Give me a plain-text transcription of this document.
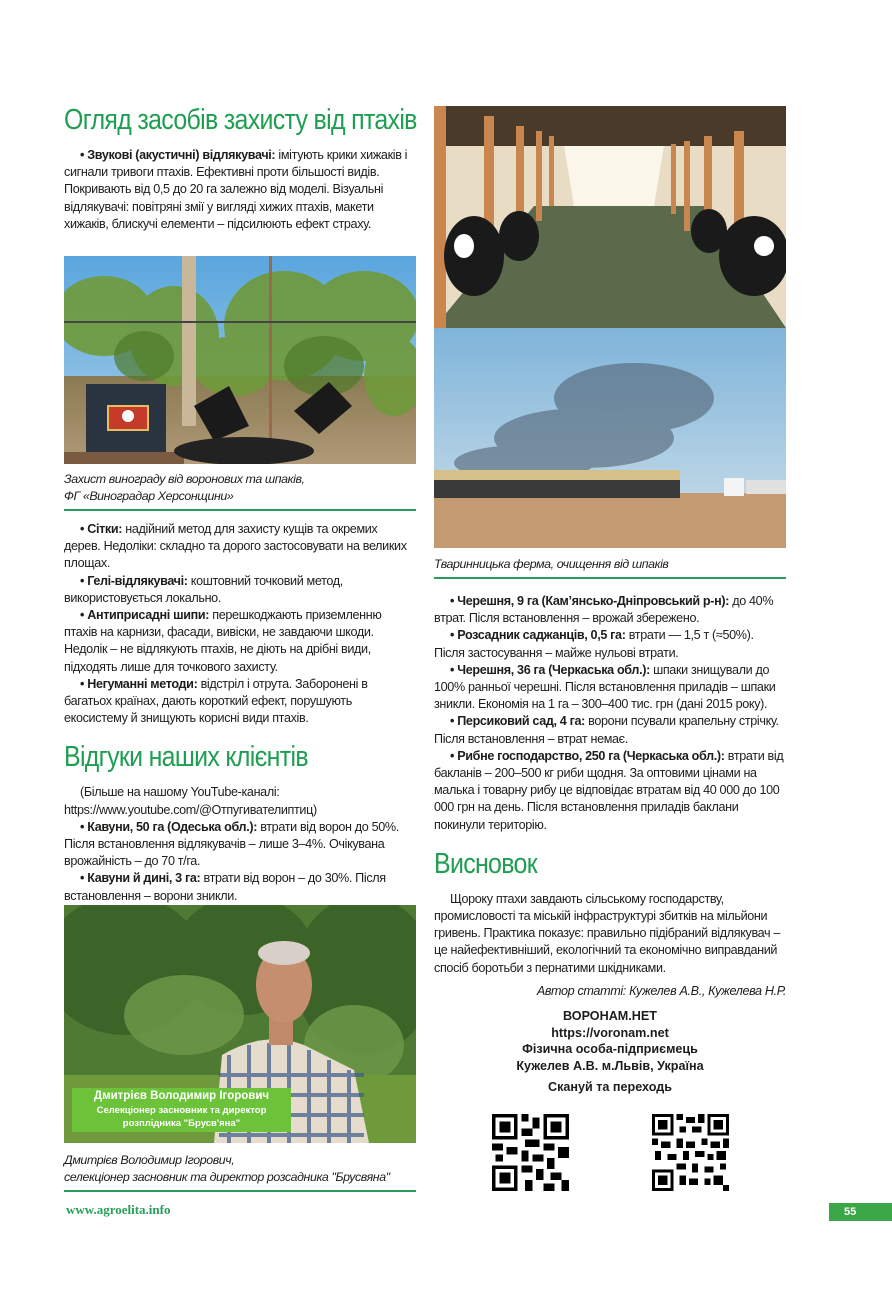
Огляд засобів захисту від птахів

• Звукові (акустичні) відлякувачі: імітують крики хижаків і сигнали тривоги птахів. Ефективні проти більшості видів. Покривають від 0,5 до 20 га залежно від моделі. Візуальні відлякувачі: повітряні змії у вигляді хижих птахів, макети хижаків, блискучі елементи – підсилюють ефект страху.

Захист винограду від воронових та шпаків,
ФГ «Виноградар Херсонщини»

• Сітки: надійний метод для захисту кущів та окремих дерев. Недоліки: складно та дорого застосовувати на великих площах.

• Гелі-відлякувачі: коштовний точковий метод, використовується локально.

• Антиприсадні шипи: перешкоджають приземленню птахів на карнизи, фасади, вивіски, не завдаючи шкоди. Недолік – не відлякують птахів, не діють на дрібні види, підходять лише для точкового захисту.

• Негуманні методи: відстріл і отрута. Заборонені в багатьох країнах, дають короткий ефект, порушують екосистему й знищують корисні види птахів.

Відгуки наших клієнтів

(Більше на нашому YouTube-каналі: https://www.youtube.com/@Отпугивателиптиц)

• Кавуни, 50 га (Одеська обл.): втрати від ворон до 50%. Після встановлення відлякувачів – лише 3–4%. Очікувана врожайність – до 70 т/га.

• Кавуни й дині, 3 га: втрати від ворон – до 30%. Після встановлення – ворони зникли.

Дмитрієв Володимир Ігорович
Селекціонер засновник та директор
розплідника "Брусв'яна"
Дмитрієв Володимир Ігорович,
селекціонер засновник та директор розсадника "Брусвяна"
Тваринницька ферма, очищення від шпаків

• Черешня, 9 га (Кам’янсько-Дніпровський р-н): до 40% втрат. Після встановлення – врожай збережено.

• Розсадник саджанців, 0,5 га: втрати — 1,5 т (≈50%). Після застосування – майже нульові втрати.

• Черешня, 36 га (Черкаська обл.): шпаки знищували до 100% ранньої черешні. Після встановлення приладів – шпаки зникли. Економія на 1 га – 300–400 тис. грн (дані 2015 року).

• Персиковий сад, 4 га: ворони псували крапельну стрічку. Після встановлення – втрат немає.

• Рибне господарство, 250 га (Черкаська обл.): втрати від бакланів – 200–500 кг риби щодня. За оптовими цінами на малька і товарну рибу це відповідає втратам від 40 000 до 100 000 грн на день. Після встановлення приладів баклани покинули територію.

Висновок

Щороку птахи завдають сільському господарству, промисловості та міській інфраструктурі збитків на мільйони гривень. Практика показує: правильно підібраний відлякувач – це найефективніший, екологічний та економічно виправданий спосіб боротьби з пернатими шкідниками.

Автор статті: Кужелев А.В., Кужелева Н.Р.

ВОРОНАМ.НЕТ
https://voronam.net
Фізична особа-підприємець
Кужелев А.В. м.Львів, Україна
Скануй та переходь
www.agroelita.info	55
